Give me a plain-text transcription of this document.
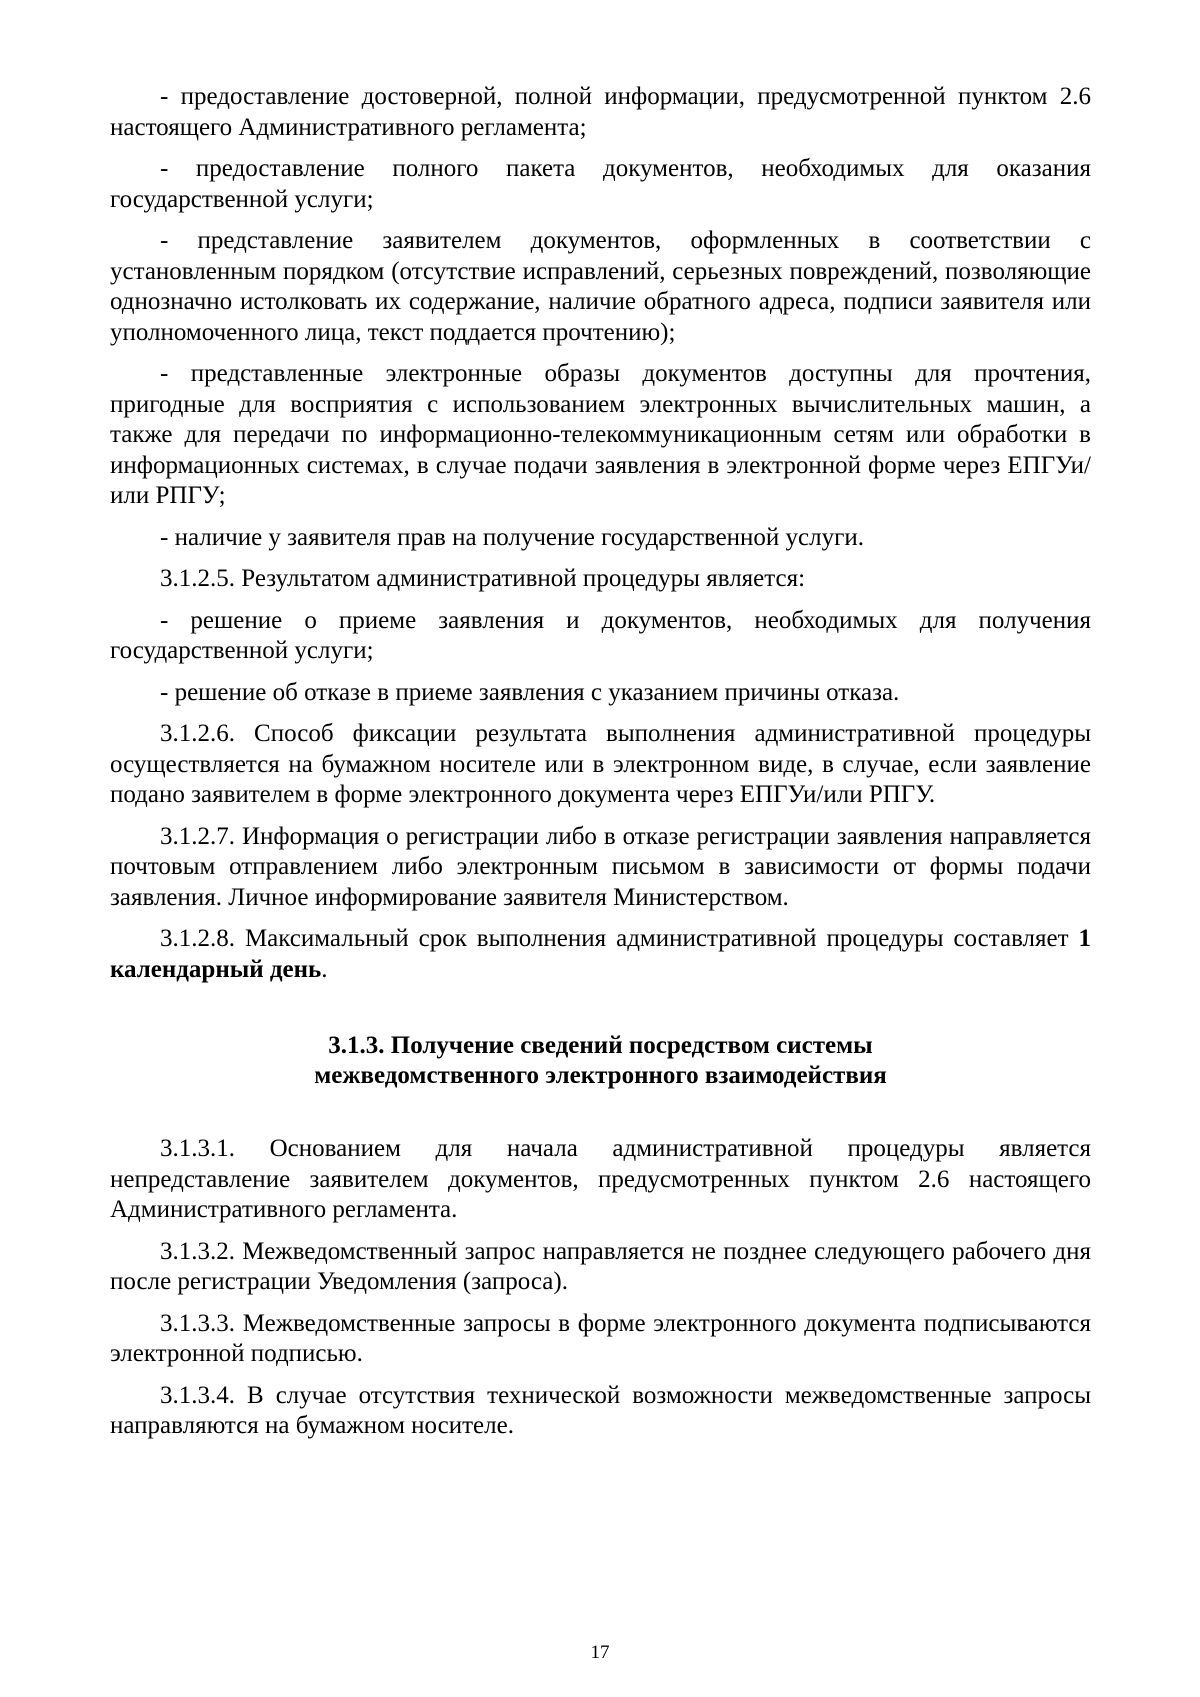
- предоставление достоверной, полной информации, предусмотренной пунктом 2.6 настоящего Административного регламента;

- предоставление полного пакета документов, необходимых для оказания государственной услуги;

- представление заявителем документов, оформленных в соответствии с установленным порядком (отсутствие исправлений, серьезных повреждений, позволяющие однозначно истолковать их содержание, наличие обратного адреса, подписи заявителя или уполномоченного лица, текст поддается прочтению);

- представленные электронные образы документов доступны для прочтения, пригодные для восприятия с использованием электронных вычислительных машин, а также для передачи по информационно-телекоммуникационным сетям или обработки в информационных системах, в случае подачи заявления в электронной форме через ЕПГУи/или РПГУ;

- наличие у заявителя прав на получение государственной услуги.

3.1.2.5. Результатом административной процедуры является:

- решение о приеме заявления и документов, необходимых для получения государственной услуги;

- решение об отказе в приеме заявления с указанием причины отказа.

3.1.2.6. Способ фиксации результата выполнения административной процедуры осуществляется на бумажном носителе или в электронном виде, в случае, если заявление подано заявителем в форме электронного документа через ЕПГУи/или РПГУ.

3.1.2.7. Информация о регистрации либо в отказе регистрации заявления направляется почтовым отправлением либо электронным письмом в зависимости от формы подачи заявления. Личное информирование заявителя Министерством.

3.1.2.8. Максимальный срок выполнения административной процедуры составляет 1 календарный день.

3.1.3. Получение сведений посредством системы
межведомственного электронного взаимодействия

3.1.3.1. Основанием для начала административной процедуры является непредставление заявителем документов, предусмотренных пунктом 2.6 настоящего Административного регламента.

3.1.3.2. Межведомственный запрос направляется не позднее следующего рабочего дня после регистрации Уведомления (запроса).

3.1.3.3. Межведомственные запросы в форме электронного документа подписываются электронной подписью.

3.1.3.4. В случае отсутствия технической возможности межведомственные запросы направляются на бумажном носителе.

17
